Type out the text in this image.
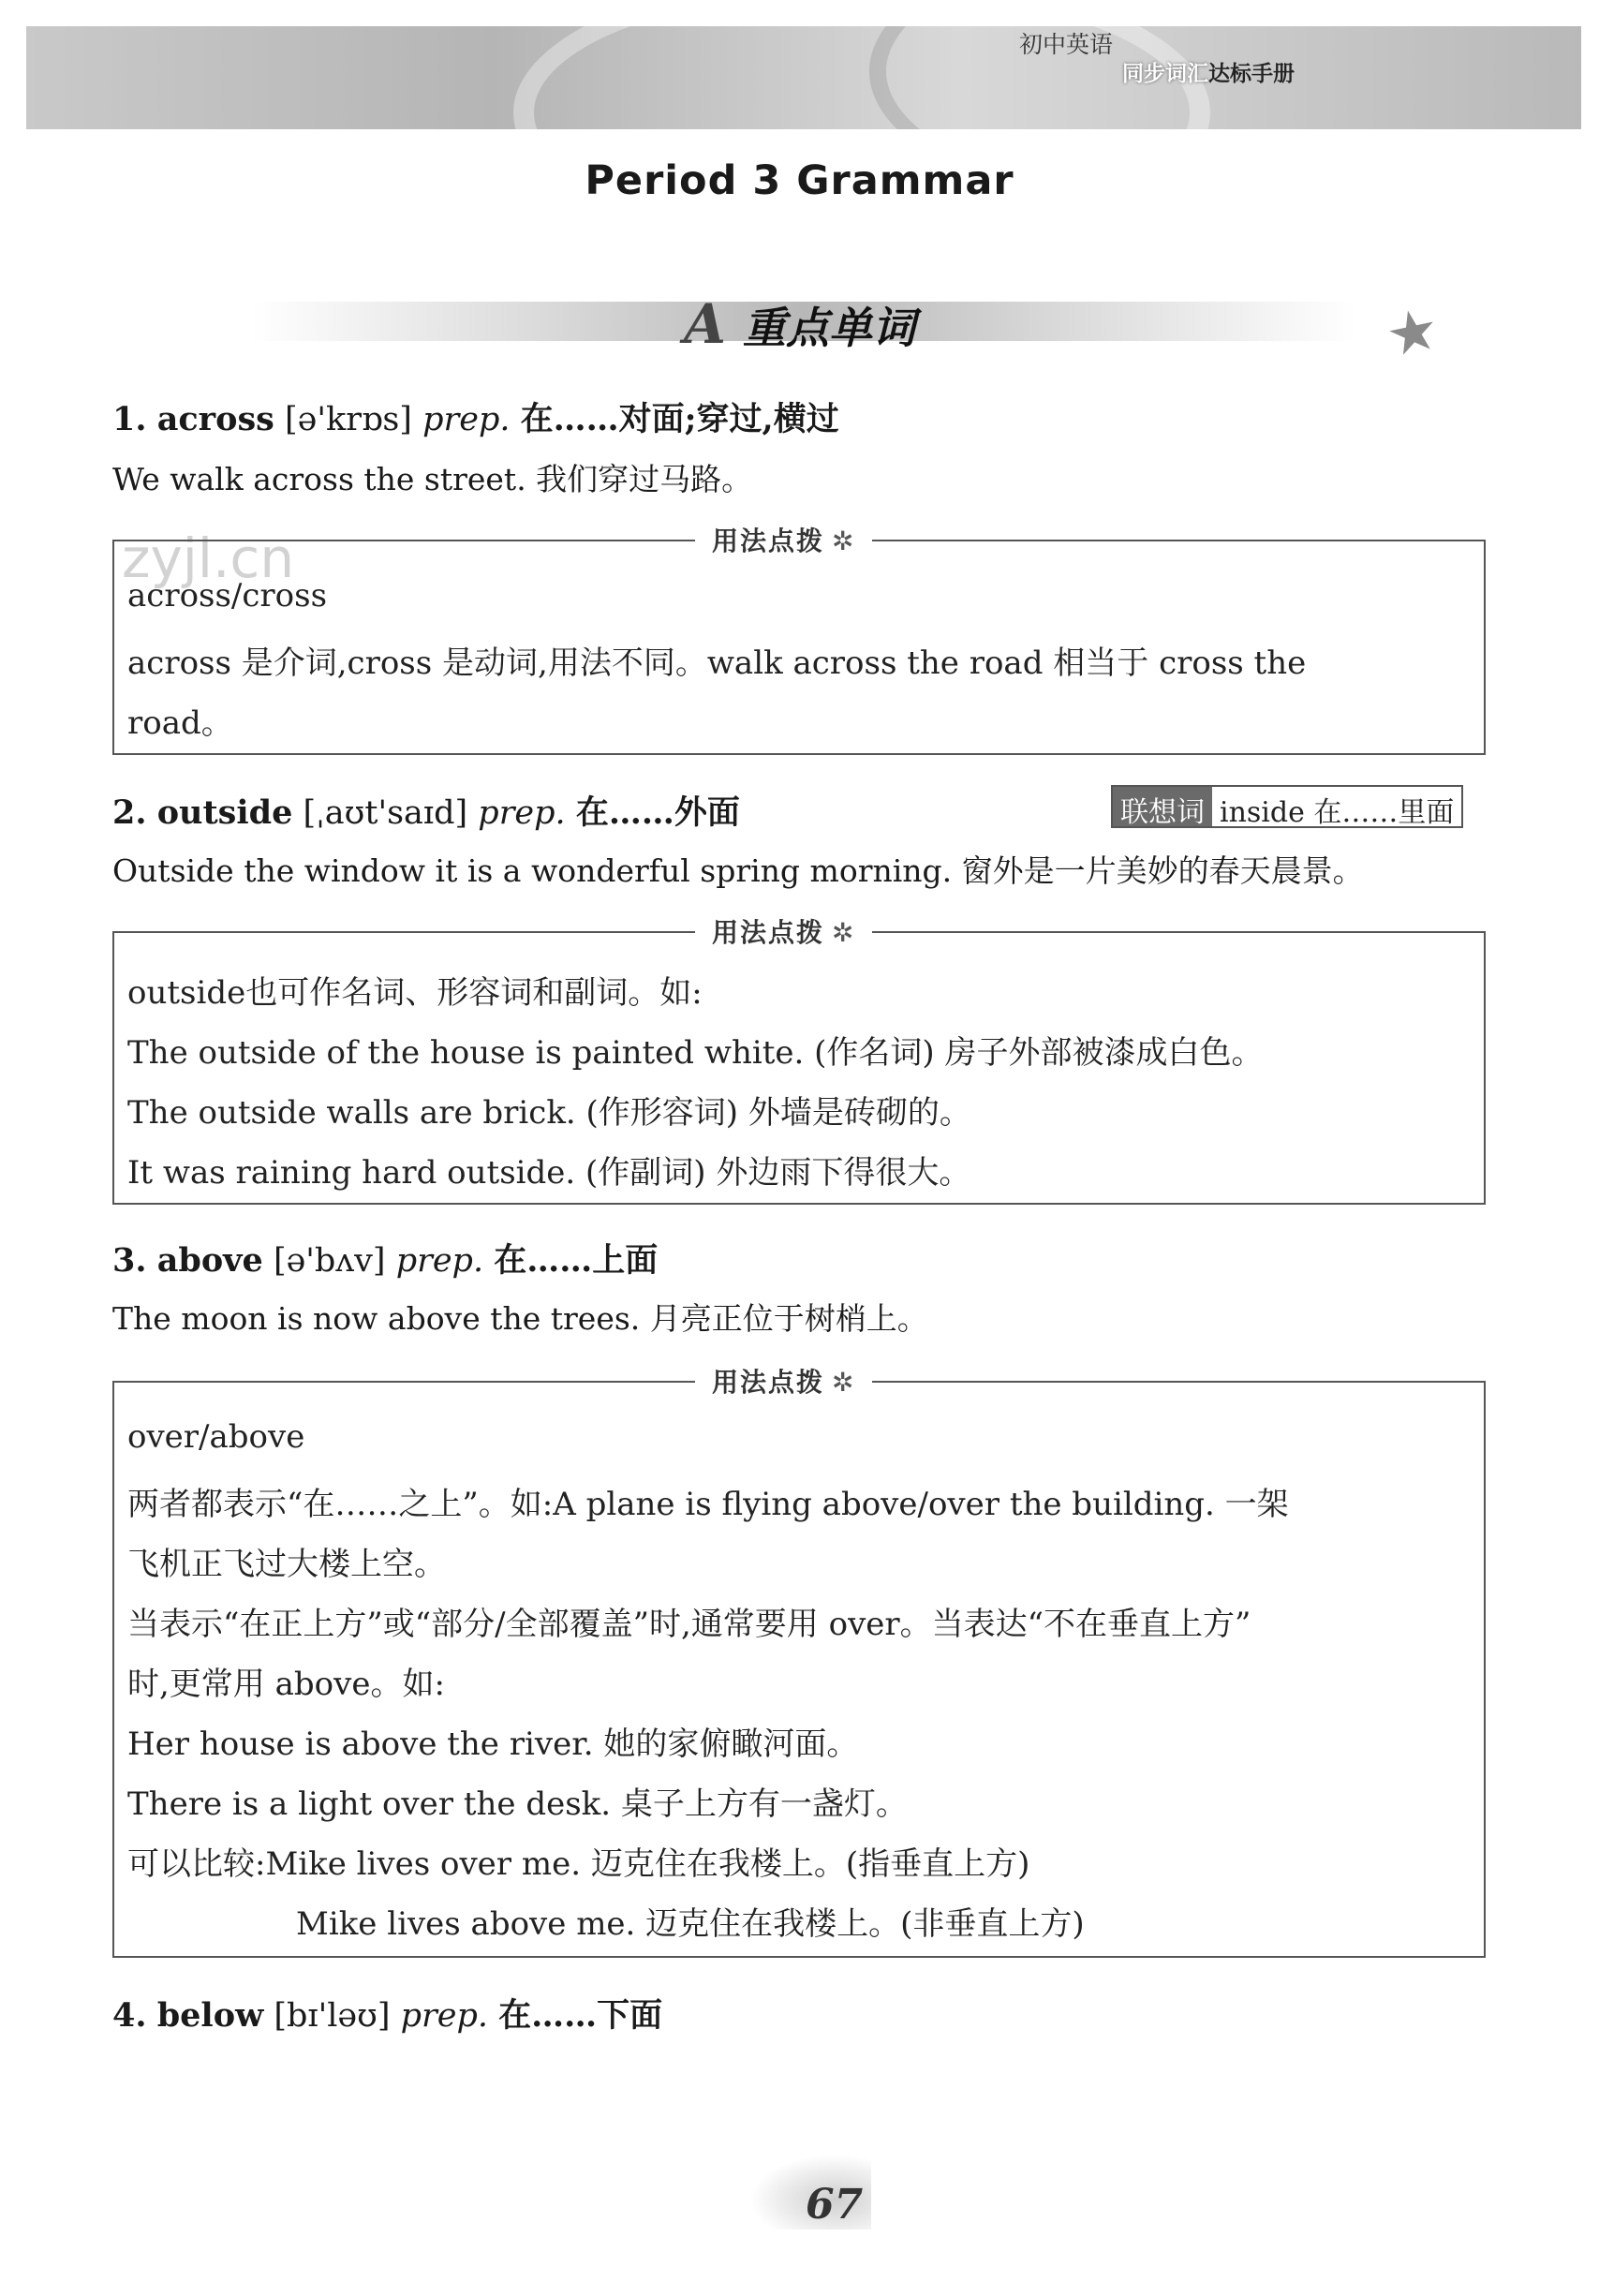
初中英语
同步词汇达标手册
Period 3 Grammar
A 重点单词	★
1. across [ə'krɒs] prep. 在……对面;穿过,横过
We walk across the street. 我们穿过马路。
zyjl.cn	用法点拨 ✲
across/cross
across 是介词,cross 是动词,用法不同。walk across the road 相当于 cross the
road。
2. outside [ˌaʊt'saɪd] prep. 在……外面	联想词 inside 在……里面
Outside the window it is a wonderful spring morning. 窗外是一片美妙的春天晨景。
用法点拨 ✲
outside也可作名词、形容词和副词。如:
The outside of the house is painted white. (作名词) 房子外部被漆成白色。
The outside walls are brick. (作形容词) 外墙是砖砌的。
It was raining hard outside. (作副词) 外边雨下得很大。
3. above [ə'bʌv] prep. 在……上面
The moon is now above the trees. 月亮正位于树梢上。
用法点拨 ✲
over/above
两者都表示“在……之上”。如:A plane is flying above/over the building. 一架
飞机正飞过大楼上空。
当表示“在正上方”或“部分/全部覆盖”时,通常要用 over。当表达“不在垂直上方”
时,更常用 above。如:
Her house is above the river. 她的家俯瞰河面。
There is a light over the desk. 桌子上方有一盏灯。
可以比较:Mike lives over me. 迈克住在我楼上。(指垂直上方)
Mike lives above me. 迈克住在我楼上。(非垂直上方)
4. below [bɪ'ləʊ] prep. 在……下面
67
